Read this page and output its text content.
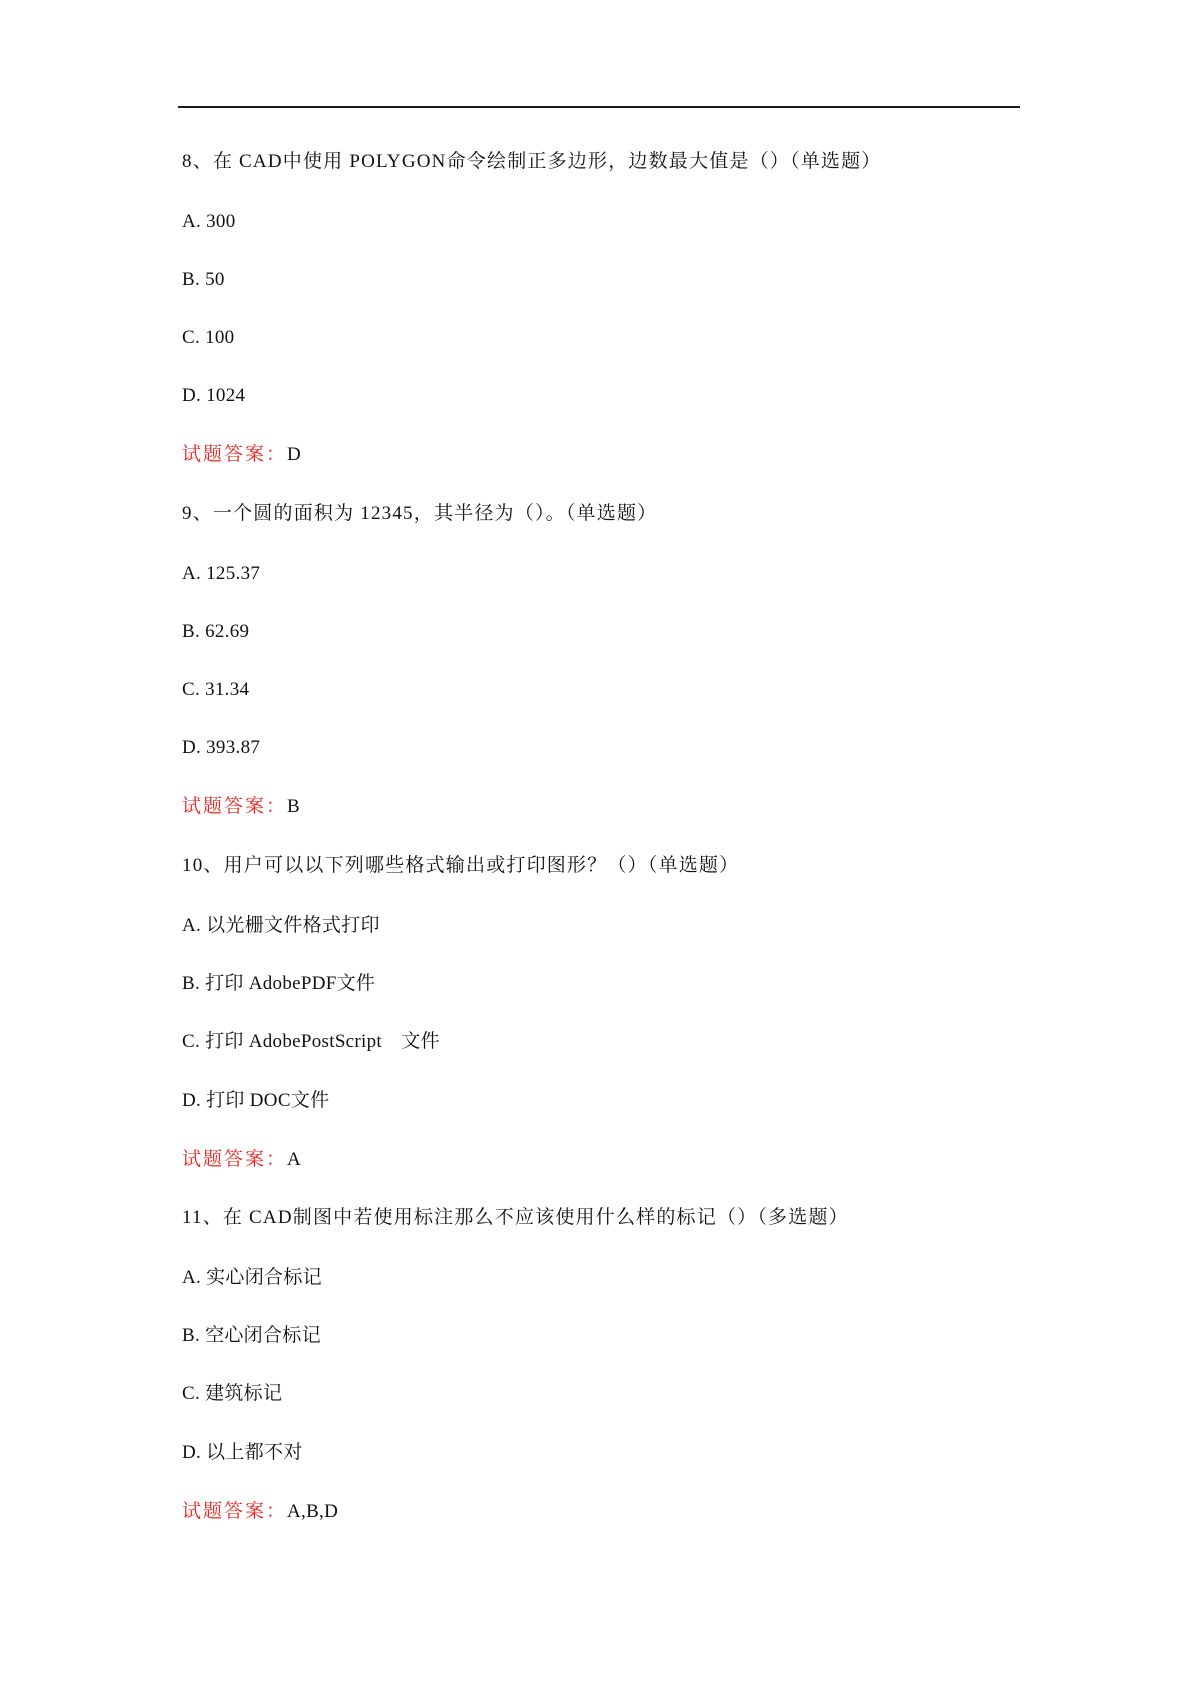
8、在 CAD中使用 POLYGON命令绘制正多边形，边数最大值是（）（单选题）
A. 300
B. 50
C. 100
D. 1024
试题答案：D
9、一个圆的面积为 12345，其半径为（）。（单选题）
A. 125.37
B. 62.69
C. 31.34
D. 393.87
试题答案：B
10、用户可以以下列哪些格式输出或打印图形？（）（单选题）
A. 以光栅文件格式打印
B. 打印 AdobePDF文件
C. 打印 AdobePostScript　文件
D. 打印 DOC文件
试题答案：A
11、在 CAD制图中若使用标注那么不应该使用什么样的标记（）（多选题）
A. 实心闭合标记
B. 空心闭合标记
C. 建筑标记
D. 以上都不对
试题答案：A,B,D
